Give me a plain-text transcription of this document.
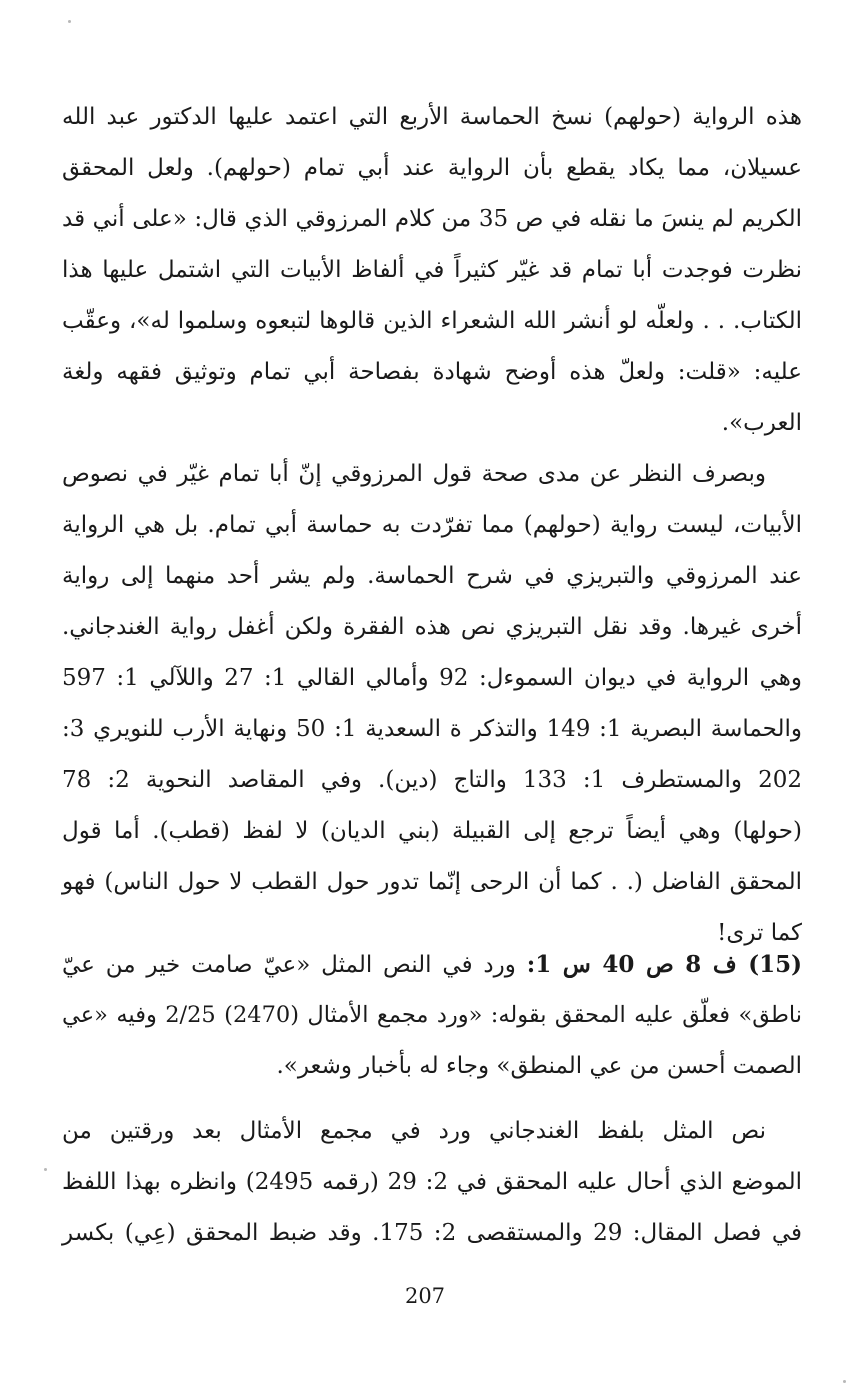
هذه الرواية (حولهم) نسخ الحماسة الأربع التي اعتمد عليها الدكتور عبد الله
عسيلان، مما يكاد يقطع بأن الرواية عند أبي تمام (حولهم). ولعل المحقق
الكريم لم ينسَ ما نقله في ص 35 من كلام المرزوقي الذي قال: «على أني قد
نظرت فوجدت أبا تمام قد غيّر كثيراً في ألفاظ الأبيات التي اشتمل عليها هذا
الكتاب. . . ولعلّه لو أنشر الله الشعراء الذين قالوها لتبعوه وسلموا له»، وعقّب
عليه: «قلت: ولعلّ هذه أوضح شهادة بفصاحة أبي تمام وتوثيق فقهه ولغة
العرب».
وبصرف النظر عن مدى صحة قول المرزوقي إنّ أبا تمام غيّر في نصوص
الأبيات، ليست رواية (حولهم) مما تفرّدت به حماسة أبي تمام. بل هي الرواية
عند المرزوقي والتبريزي في شرح الحماسة. ولم يشر أحد منهما إلى رواية
أخرى غيرها. وقد نقل التبريزي نص هذه الفقرة ولكن أغفل رواية الغندجاني.
وهي الرواية في ديوان السموءل: 92 وأمالي القالي 1: 27 واللآلي 1: 597
والحماسة البصرية 1: 149 والتذكر ة السعدية 1: 50 ونهاية الأرب للنويري 3:
202 والمستطرف 1: 133 والتاج (دين). وفي المقاصد النحوية 2: 78
(حولها) وهي أيضاً ترجع إلى القبيلة (بني الديان) لا لفظ (قطب). أما قول
المحقق الفاضل (. . كما أن الرحى إنّما تدور حول القطب لا حول الناس) فهو
كما ترى!
(15) ف 8 ص 40 س 1: ورد في النص المثل «عيّ صامت خير من عيّ
ناطق» فعلّق عليه المحقق بقوله: «ورد مجمع الأمثال (2470) 2/25 وفيه «عي
الصمت أحسن من عي المنطق» وجاء له بأخبار وشعر».
نص المثل بلفظ الغندجاني ورد في مجمع الأمثال بعد ورقتين من
الموضع الذي أحال عليه المحقق في 2: 29 (رقمه 2495) وانظره بهذا اللفظ
في فصل المقال: 29 والمستقصى 2: 175. وقد ضبط المحقق (عِي) بكسر
207
